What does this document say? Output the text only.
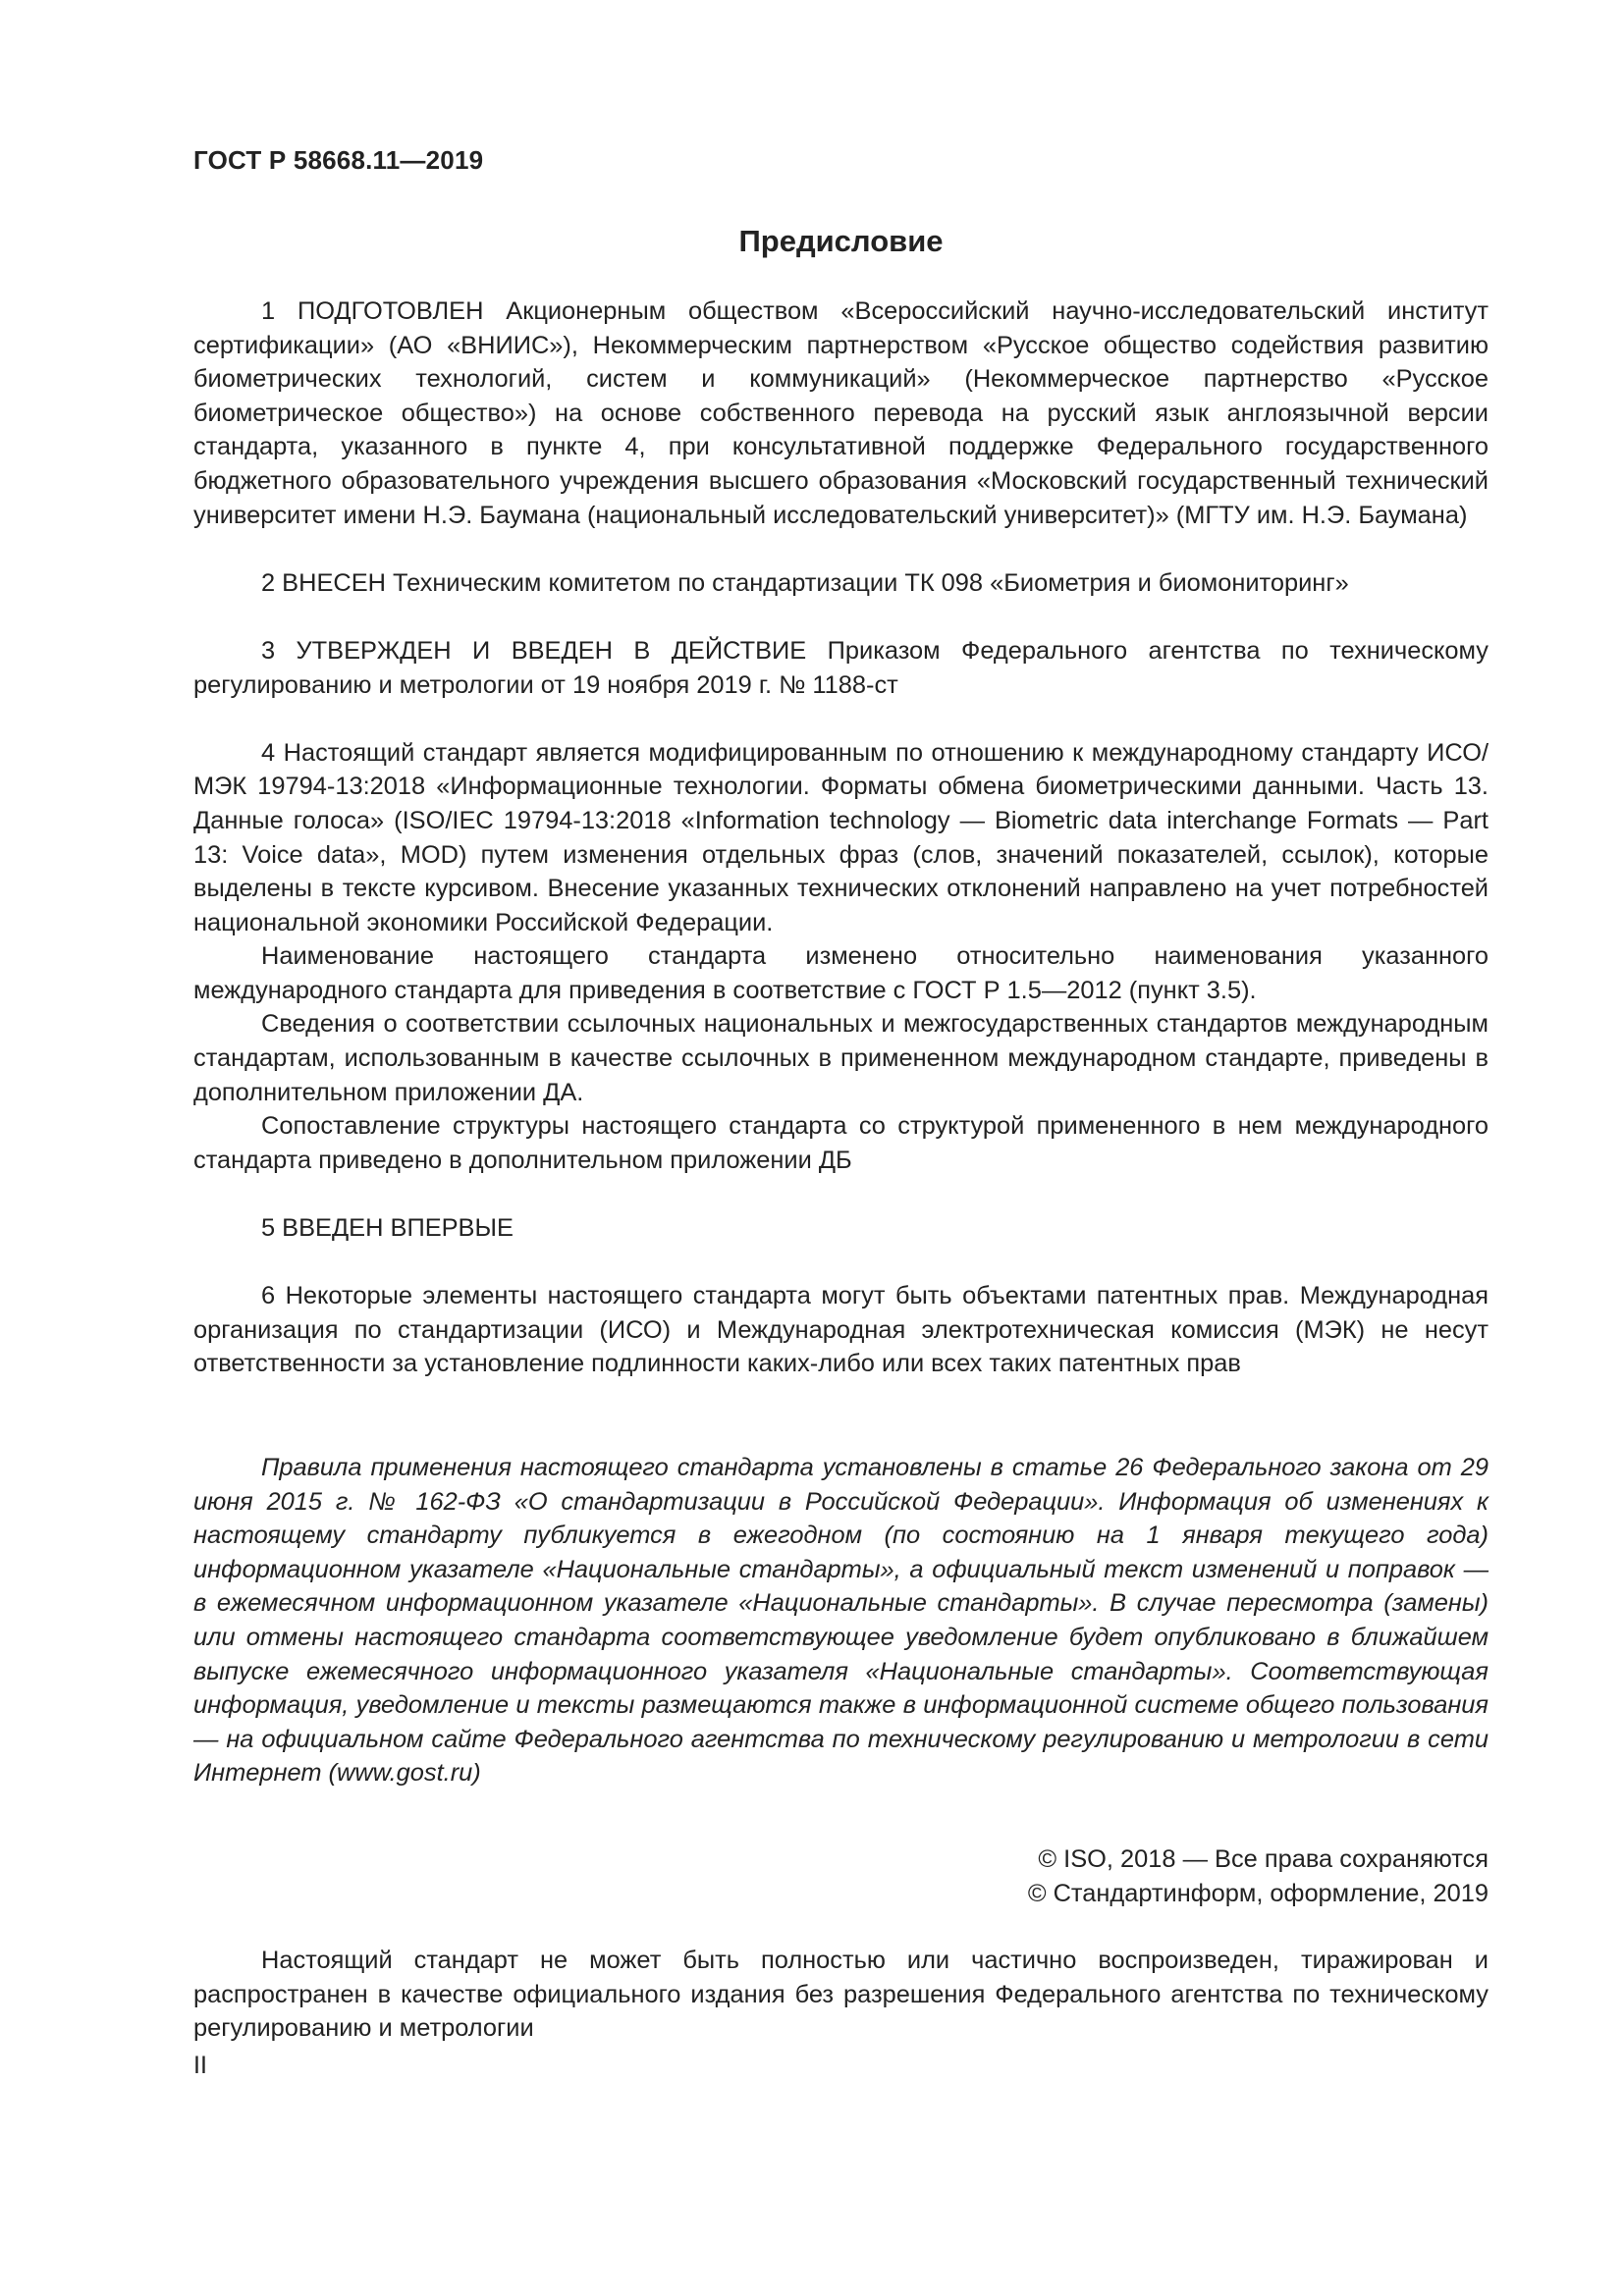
ГОСТ Р 58668.11—2019
Предисловие

1 ПОДГОТОВЛЕН Акционерным обществом «Всероссийский научно-исследовательский институт сертификации» (АО «ВНИИС»), Некоммерческим партнерством «Русское общество содействия развитию биометрических технологий, систем и коммуникаций» (Некоммерческое партнерство «Русское биометрическое общество») на основе собственного перевода на русский язык англоязычной версии стандарта, указанного в пункте 4, при консультативной поддержке Федерального государственного бюджетного образовательного учреждения высшего образования «Московский государственный технический университет имени Н.Э. Баумана (национальный исследовательский университет)» (МГТУ им. Н.Э. Баумана)

2 ВНЕСЕН Техническим комитетом по стандартизации ТК 098 «Биометрия и биомониторинг»

3 УТВЕРЖДЕН И ВВЕДЕН В ДЕЙСТВИЕ Приказом Федерального агентства по техническому регулированию и метрологии от 19 ноября 2019 г. № 1188-ст

4 Настоящий стандарт является модифицированным по отношению к международному стандарту ИСО/МЭК 19794-13:2018 «Информационные технологии. Форматы обмена биометрическими данными. Часть 13. Данные голоса» (ISO/IEC 19794-13:2018 «Information technology — Biometric data interchange Formats — Part 13: Voice data», MOD) путем изменения отдельных фраз (слов, значений показателей, ссылок), которые выделены в тексте курсивом. Внесение указанных технических отклонений направлено на учет потребностей национальной экономики Российской Федерации.

Наименование настоящего стандарта изменено относительно наименования указанного международного стандарта для приведения в соответствие с ГОСТ Р 1.5—2012 (пункт 3.5).

Сведения о соответствии ссылочных национальных и межгосударственных стандартов международным стандартам, использованным в качестве ссылочных в примененном международном стандарте, приведены в дополнительном приложении ДА.

Сопоставление структуры настоящего стандарта со структурой примененного в нем международного стандарта приведено в дополнительном приложении ДБ

5 ВВЕДЕН ВПЕРВЫЕ

6 Некоторые элементы настоящего стандарта могут быть объектами патентных прав. Международная организация по стандартизации (ИСО) и Международная электротехническая комиссия (МЭК) не несут ответственности за установление подлинности каких-либо или всех таких патентных прав

Правила применения настоящего стандарта установлены в статье 26 Федерального закона от 29 июня 2015 г. № 162-ФЗ «О стандартизации в Российской Федерации». Информация об изменениях к настоящему стандарту публикуется в ежегодном (по состоянию на 1 января текущего года) информационном указателе «Национальные стандарты», а официальный текст изменений и поправок — в ежемесячном информационном указателе «Национальные стандарты». В случае пересмотра (замены) или отмены настоящего стандарта соответствующее уведомление будет опубликовано в ближайшем выпуске ежемесячного информационного указателя «Национальные стандарты». Соответствующая информация, уведомление и тексты размещаются также в информационной системе общего пользования — на официальном сайте Федерального агентства по техническому регулированию и метрологии в сети Интернет (www.gost.ru)

© ISO, 2018 — Все права сохраняются
© Стандартинформ, оформление, 2019

Настоящий стандарт не может быть полностью или частично воспроизведен, тиражирован и распространен в качестве официального издания без разрешения Федерального агентства по техническому регулированию и метрологии

II
